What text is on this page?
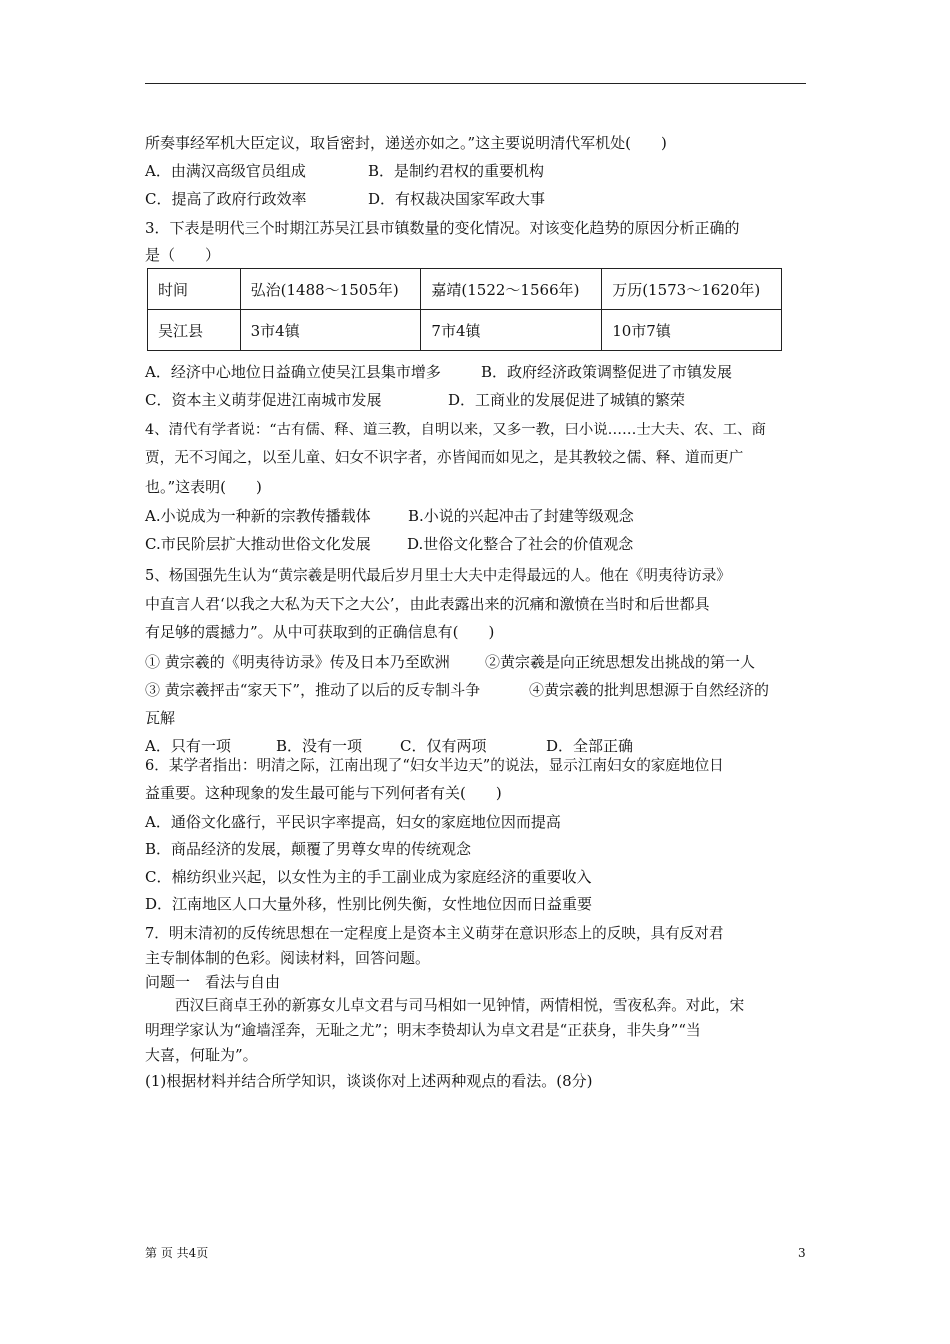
所奏事经军机大臣定议，取旨密封，递送亦如之。”这主要说明清代军机处(　　)
A．由满汉高级官员组成	B．是制约君权的重要机构
C．提高了政府行政效率	D．有权裁决国家军政大事
3．下表是明代三个时期江苏吴江县市镇数量的变化情况。对该变化趋势的原因分析正确的
是（　　）
时间	弘治(1488～1505年)	嘉靖(1522～1566年)	万历(1573～1620年)
吴江县	3市4镇	7市4镇	10市7镇
A．经济中心地位日益确立使吴江县集市增多	B．政府经济政策调整促进了市镇发展
C．资本主义萌芽促进江南城市发展	D．工商业的发展促进了城镇的繁荣
4、清代有学者说：“古有儒、释、道三教，自明以来，又多一教，曰小说……士大夫、农、工、商
贾，无不习闻之，以至儿童、妇女不识字者，亦皆闻而如见之，是其教较之儒、释、道而更广
也。”这表明(　　)
A.小说成为一种新的宗教传播载体 B.小说的兴起冲击了封建等级观念
C.市民阶层扩大推动世俗文化发展 D.世俗文化整合了社会的价值观念
5、杨国强先生认为“黄宗羲是明代最后岁月里士大夫中走得最远的人。他在《明夷待访录》
中直言人君‘以我之大私为天下之大公’，由此表露出来的沉痛和激愤在当时和后世都具
有足够的震撼力”。从中可获取到的正确信息有(　　)
① 黄宗羲的《明夷待访录》传及日本乃至欧洲 ②黄宗羲是向正统思想发出挑战的第一人
③ 黄宗羲抨击“家天下”，推动了以后的反专制斗争	④黄宗羲的批判思想源于自然经济的
瓦解
A．只有一项	B．没有一项	C．仅有两项	D．全部正确
6．某学者指出：明清之际，江南出现了“妇女半边天”的说法，显示江南妇女的家庭地位日
益重要。这种现象的发生最可能与下列何者有关(　　)
A．通俗文化盛行，平民识字率提高，妇女的家庭地位因而提高
B．商品经济的发展，颠覆了男尊女卑的传统观念
C．棉纺织业兴起，以女性为主的手工副业成为家庭经济的重要收入
D．江南地区人口大量外移，性别比例失衡，女性地位因而日益重要
7．明末清初的反传统思想在一定程度上是资本主义萌芽在意识形态上的反映，具有反对君
主专制体制的色彩。阅读材料，回答问题。
问题一　看法与自由
西汉巨商卓王孙的新寡女儿卓文君与司马相如一见钟情，两情相悦，雪夜私奔。对此，宋
明理学家认为“逾墙淫奔，无耻之尤”；明末李贽却认为卓文君是“正获身，非失身”“当
大喜，何耻为”。
(1)根据材料并结合所学知识，谈谈你对上述两种观点的看法。(8分)
第 页 共4页	3
